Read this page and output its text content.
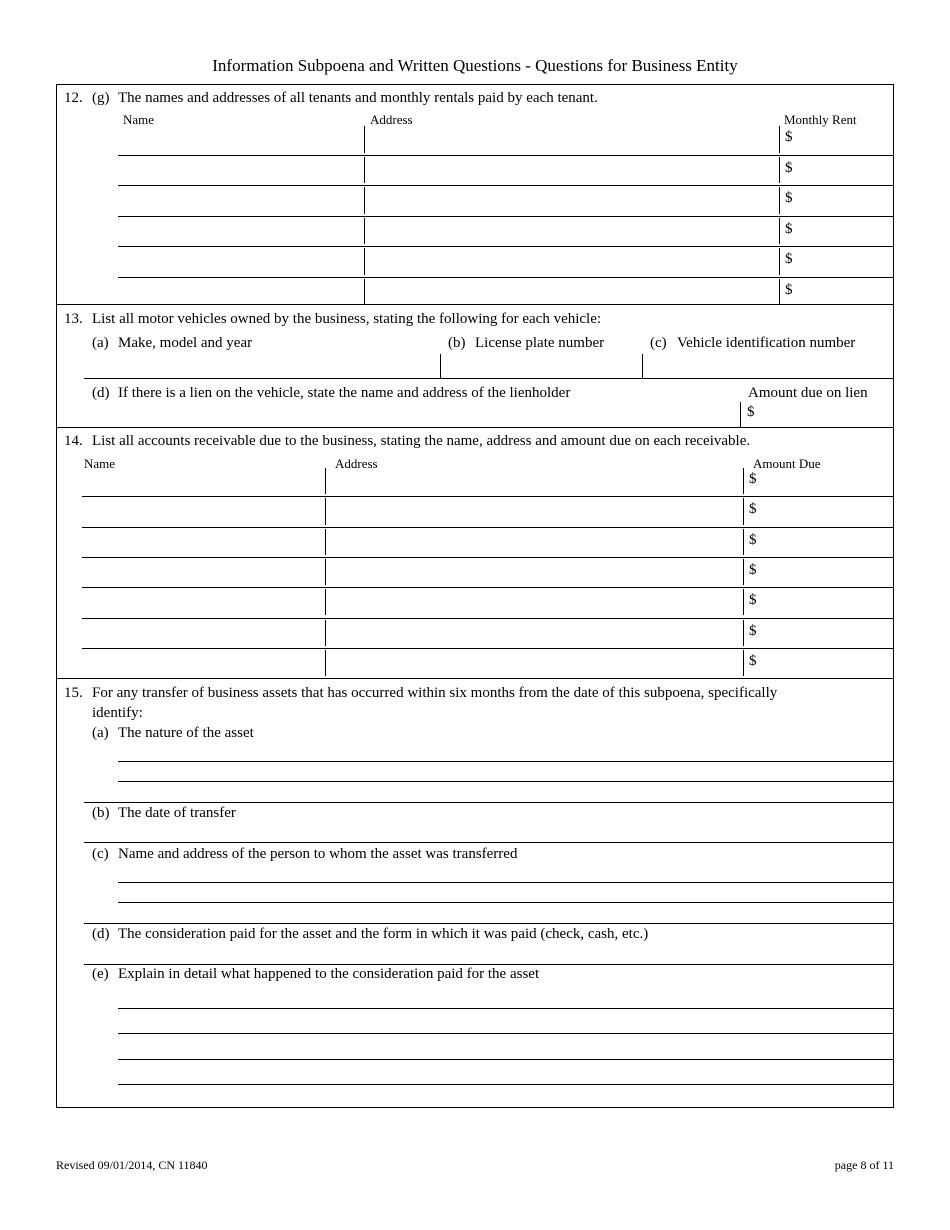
Information Subpoena and Written Questions - Questions for Business Entity
12. (g) The names and addresses of all tenants and monthly rentals paid by each tenant.
Name	Address	Monthly Rent
$
$
$
$
$
$
13. List all motor vehicles owned by the business, stating the following for each vehicle:
(a) Make, model and year	(b) License plate number	(c) Vehicle identification number
(d) If there is a lien on the vehicle, state the name and address of the lienholder	Amount due on lien
$
14. List all accounts receivable due to the business, stating the name, address and amount due on each receivable.
Name	Address	Amount Due
$
$
$
$
$
$
$
15. For any transfer of business assets that has occurred within six months from the date of this subpoena, specifically
identify:
(a) The nature of the asset
(b) The date of transfer
(c) Name and address of the person to whom the asset was transferred
(d) The consideration paid for the asset and the form in which it was paid (check, cash, etc.)
(e) Explain in detail what happened to the consideration paid for the asset
Revised 09/01/2014, CN 11840	page 8 of 11
